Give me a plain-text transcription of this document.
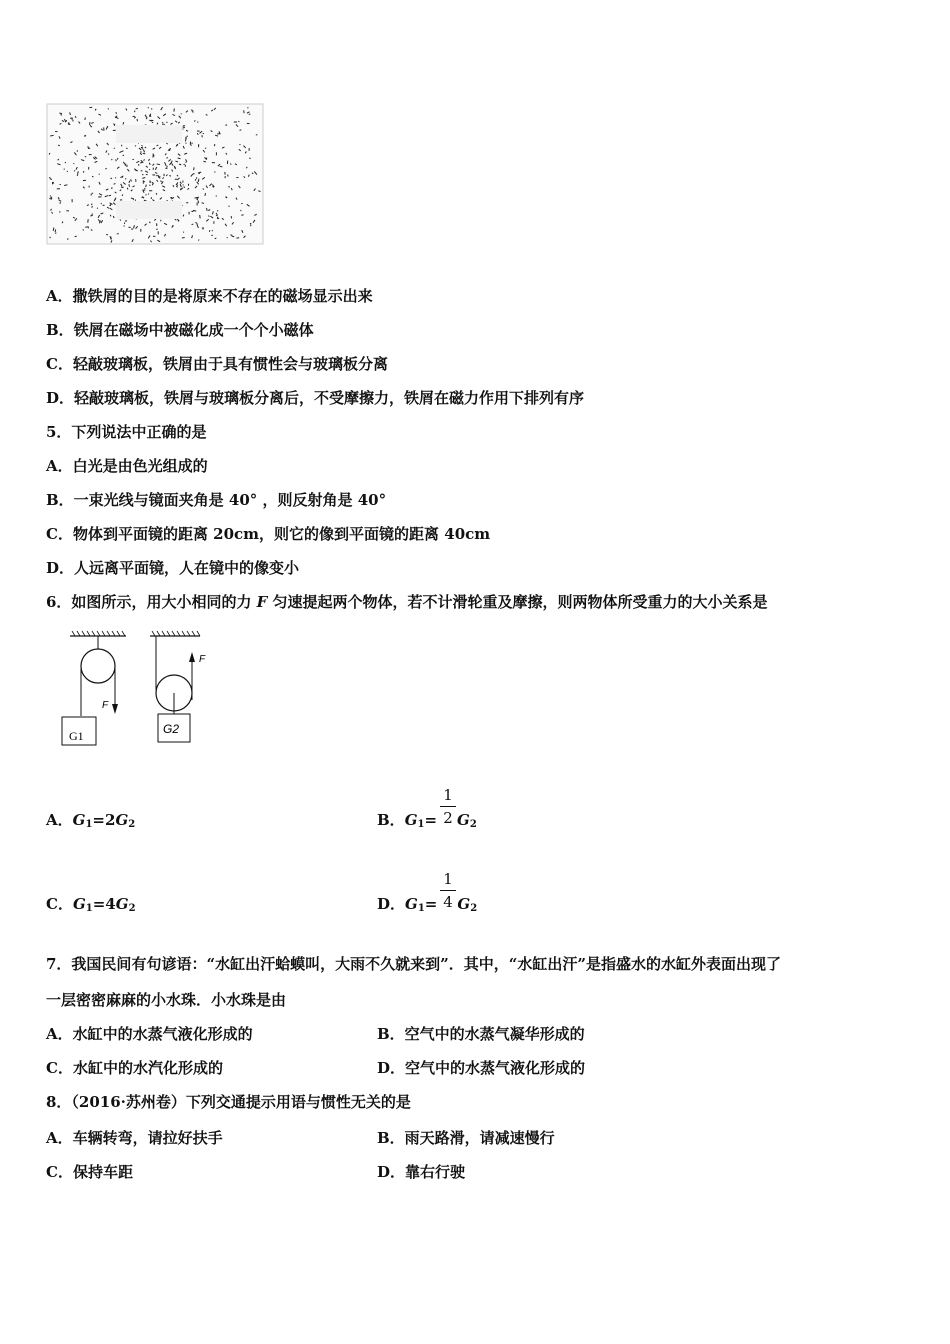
A．撒铁屑的目的是将原来不存在的磁场显示出来
B．铁屑在磁场中被磁化成一个个小磁体
C．轻敲玻璃板，铁屑由于具有惯性会与玻璃板分离
D．轻敲玻璃板，铁屑与玻璃板分离后，不受摩擦力，铁屑在磁力作用下排列有序
5．下列说法中正确的是
A．白光是由色光组成的
B．一束光线与镜面夹角是 40° ，则反射角是 40°
C．物体到平面镜的距离 20cm，则它的像到平面镜的距离 40cm
D．人远离平面镜，人在镜中的像变小
6．如图所示，用大小相同的力 F 匀速提起两个物体，若不计滑轮重及摩擦，则两物体所受重力的大小关系是
F
G1
F
G2
A．$G_1=2G_2$	B．$G_1= G_2$
1
2
C．$G_1=4G_2$	D．$G_1= G_2$
1
4
7．我国民间有句谚语：“水缸出汗蛤蟆叫，大雨不久就来到”．其中，“水缸出汗”是指盛水的水缸外表面出现了
一层密密麻麻的小水珠．小水珠是由
A．水缸中的水蒸气液化形成的	B．空气中的水蒸气凝华形成的
C．水缸中的水汽化形成的	D．空气中的水蒸气液化形成的
8．（2016·苏州卷）下列交通提示用语与惯性无关的是
A．车辆转弯，请拉好扶手	B．雨天路滑，请减速慢行
C．保持车距	D．靠右行驶
